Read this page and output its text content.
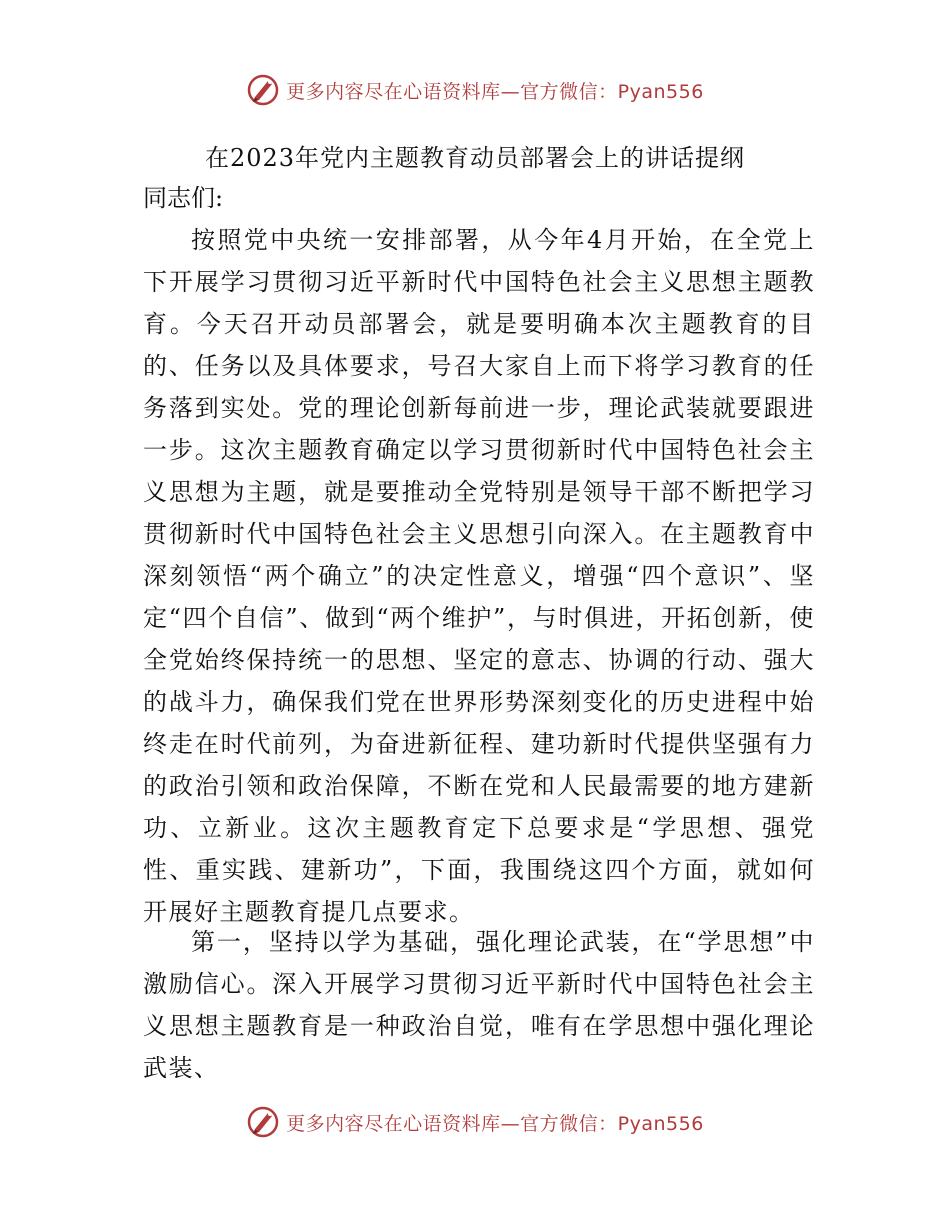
更多内容尽在心语资料库—官方微信：Pyan556
在2023年党内主题教育动员部署会上的讲话提纲

同志们:

按照党中央统一安排部署，从今年4月开始，在全党上下开展学习贯彻习近平新时代中国特色社会主义思想主题教育。今天召开动员部署会，就是要明确本次主题教育的目的、任务以及具体要求，号召大家自上而下将学习教育的任务落到实处。党的理论创新每前进一步，理论武装就要跟进一步。这次主题教育确定以学习贯彻新时代中国特色社会主义思想为主题，就是要推动全党特别是领导干部不断把学习贯彻新时代中国特色社会主义思想引向深入。在主题教育中深刻领悟“两个确立”的决定性意义，增强“四个意识”、坚定“四个自信”、做到“两个维护”，与时俱进，开拓创新，使全党始终保持统一的思想、坚定的意志、协调的行动、强大的战斗力，确保我们党在世界形势深刻变化的历史进程中始终走在时代前列，为奋进新征程、建功新时代提供坚强有力的政治引领和政治保障，不断在党和人民最需要的地方建新功、立新业。这次主题教育定下总要求是“学思想、强党性、重实践、建新功”，下面，我围绕这四个方面，就如何开展好主题教育提几点要求。

第一，坚持以学为基础，强化理论武装，在“学思想”中激励信心。深入开展学习贯彻习近平新时代中国特色社会主义思想主题教育是一种政治自觉，唯有在学思想中强化理论武装、

更多内容尽在心语资料库—官方微信：Pyan556
